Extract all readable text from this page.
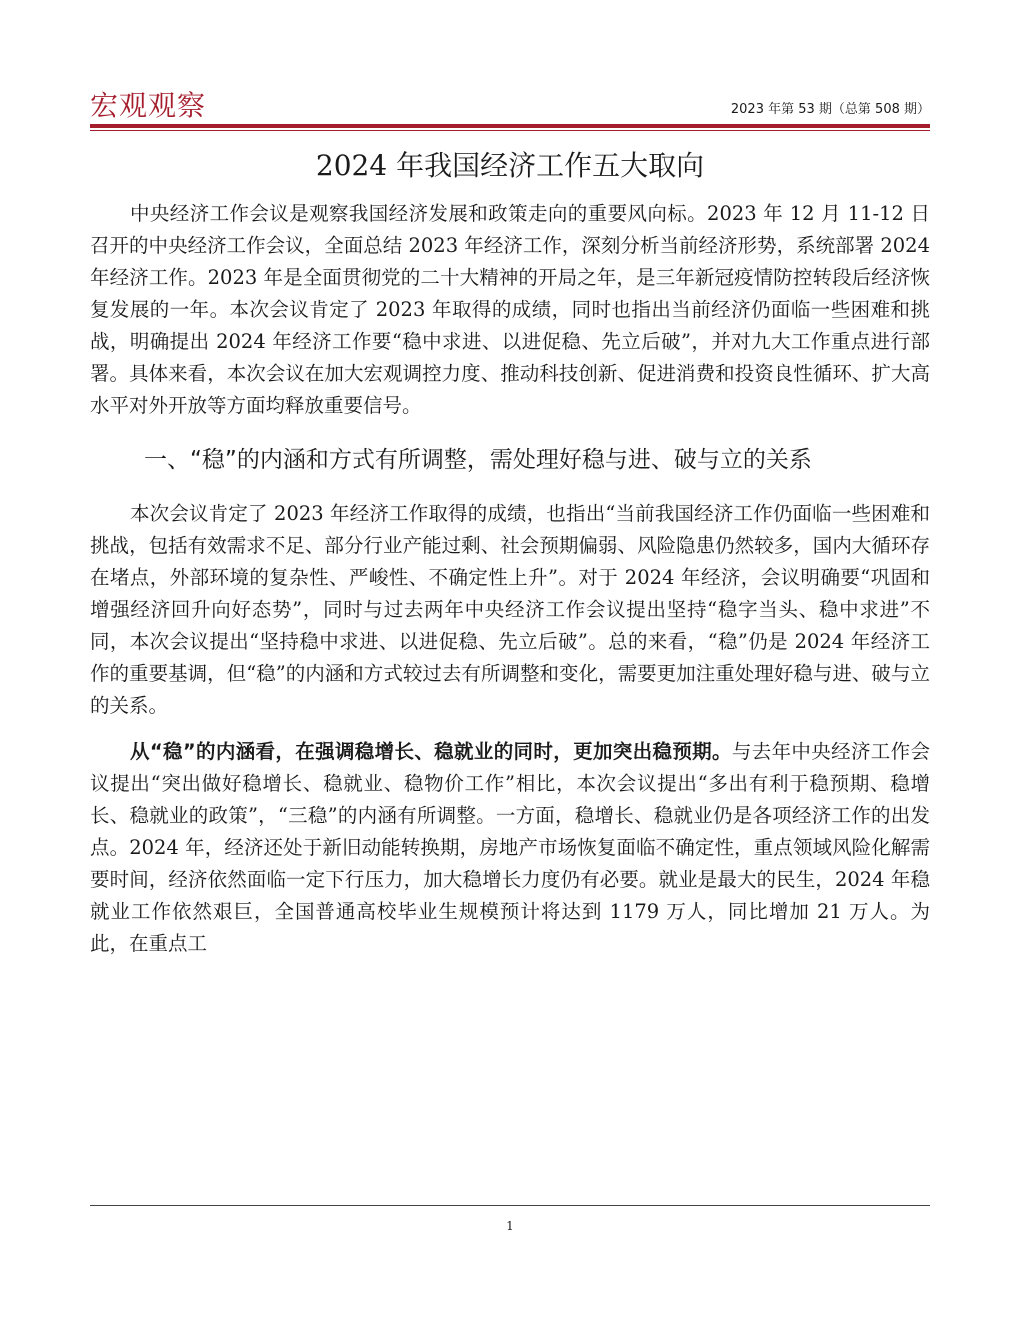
宏观观察	2023 年第 53 期（总第 508 期）
2024 年我国经济工作五大取向

中央经济工作会议是观察我国经济发展和政策走向的重要风向标。2023 年 12 月 11-12 日召开的中央经济工作会议，全面总结 2023 年经济工作，深刻分析当前经济形势，系统部署 2024 年经济工作。2023 年是全面贯彻党的二十大精神的开局之年，是三年新冠疫情防控转段后经济恢复发展的一年。本次会议肯定了 2023 年取得的成绩，同时也指出当前经济仍面临一些困难和挑战，明确提出 2024 年经济工作要“稳中求进、以进促稳、先立后破”，并对九大工作重点进行部署。具体来看，本次会议在加大宏观调控力度、推动科技创新、促进消费和投资良性循环、扩大高水平对外开放等方面均释放重要信号。

一、“稳”的内涵和方式有所调整，需处理好稳与进、破与立的关系

本次会议肯定了 2023 年经济工作取得的成绩，也指出“当前我国经济工作仍面临一些困难和挑战，包括有效需求不足、部分行业产能过剩、社会预期偏弱、风险隐患仍然较多，国内大循环存在堵点，外部环境的复杂性、严峻性、不确定性上升”。对于 2024 年经济，会议明确要“巩固和增强经济回升向好态势”，同时与过去两年中央经济工作会议提出坚持“稳字当头、稳中求进”不同，本次会议提出“坚持稳中求进、以进促稳、先立后破”。总的来看，“稳”仍是 2024 年经济工作的重要基调，但“稳”的内涵和方式较过去有所调整和变化，需要更加注重处理好稳与进、破与立的关系。

从“稳”的内涵看，在强调稳增长、稳就业的同时，更加突出稳预期。与去年中央经济工作会议提出“突出做好稳增长、稳就业、稳物价工作”相比，本次会议提出“多出有利于稳预期、稳增长、稳就业的政策”，“三稳”的内涵有所调整。一方面，稳增长、稳就业仍是各项经济工作的出发点。2024 年，经济还处于新旧动能转换期，房地产市场恢复面临不确定性，重点领域风险化解需要时间，经济依然面临一定下行压力，加大稳增长力度仍有必要。就业是最大的民生，2024 年稳就业工作依然艰巨，全国普通高校毕业生规模预计将达到 1179 万人，同比增加 21 万人。为此，在重点工

1
